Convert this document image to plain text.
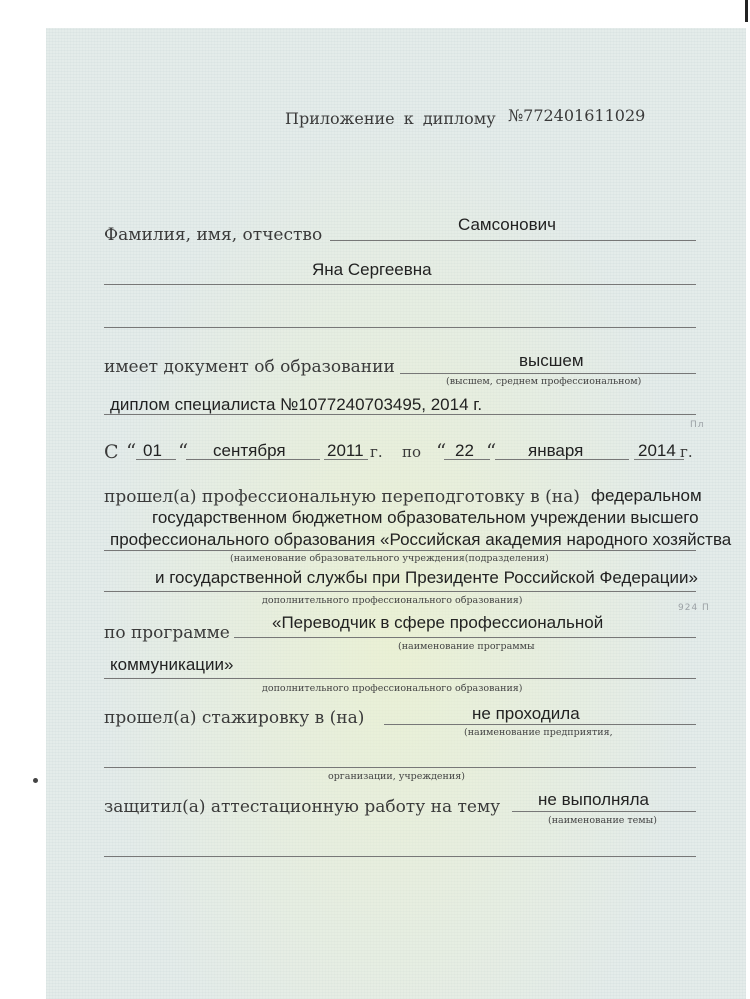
Пл
924 П
Приложение к диплому №772401611029
Фамилия, имя, отчество
Самсонович
Яна Сергеевна
имеет документ об образовании	высшем
(высшем, среднем профессиональном)
диплом специалиста №1077240703495, 2014 г.
С “ 01 “ сентября 2011 г. по “ 22 “ января	2014 г.
прошел(а) профессиональную переподготовку в (на) федеральном
государственном бюджетном образовательном учреждении высшего
профессионального образования «Российская академия народного хозяйства
(наименование образовательного учреждения(подразделения)
и государственной службы при Президенте Российской Федерации»
дополнительного профессионального образования)
по программе
«Переводчик в сфере профессиональной
(наименование программы
коммуникации»
дополнительного профессионального образования)
прошел(а) стажировку в (на)	не проходила
(наименование предприятия,
организации, учреждения)
защитил(а) аттестационную работу на тему не выполняла
(наименование темы)
